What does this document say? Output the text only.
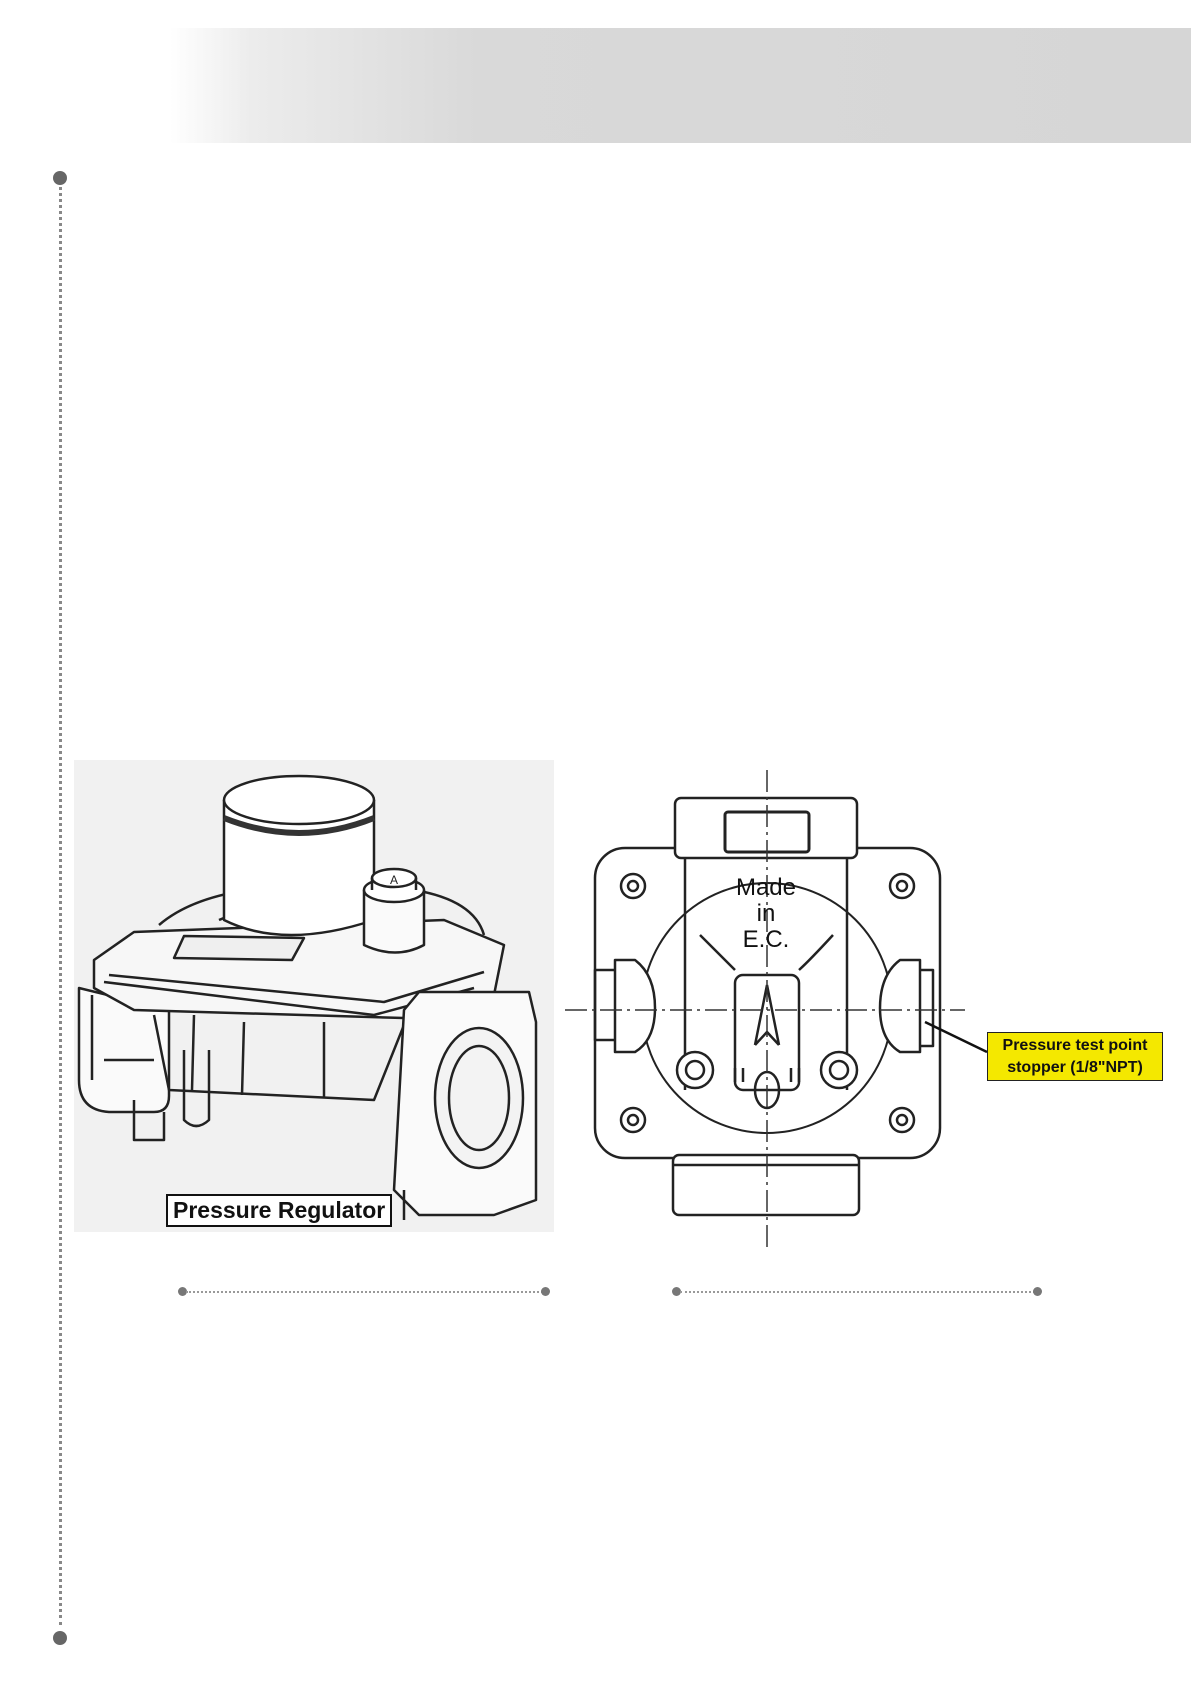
A
Pressure Regulator
Made
in
E.C.
Pressure test point
stopper (1/8"NPT)
